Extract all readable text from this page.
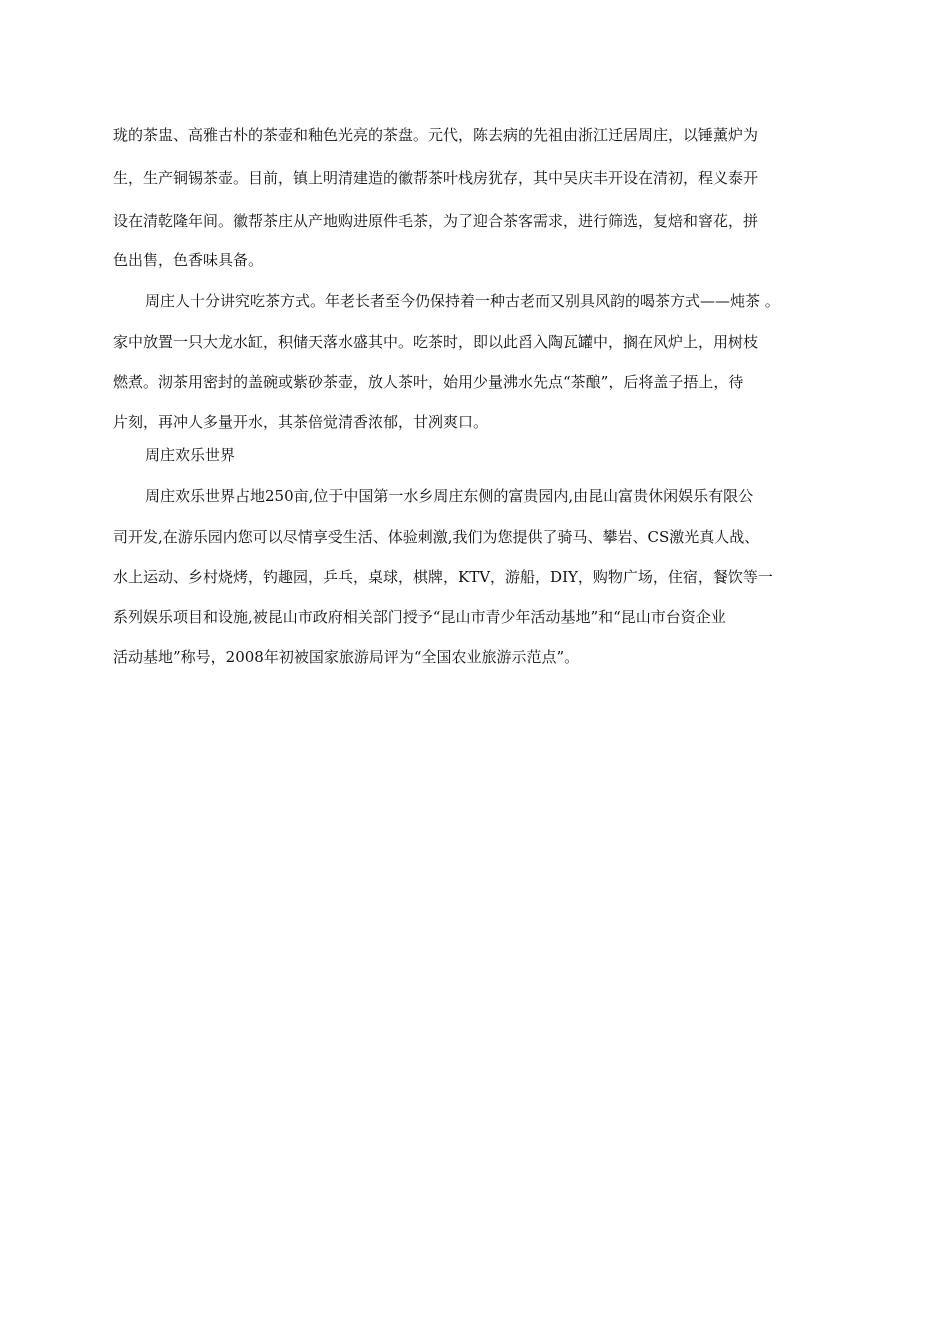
珑的茶盅、高雅古朴的茶壶和釉色光亮的茶盘。元代，陈去病的先祖由浙江迁居周庄，以锤薰炉为
生，生产铜锡茶壶。目前，镇上明清建造的徽帮茶叶栈房犹存，其中吴庆丰开设在清初，程义泰开
设在清乾隆年间。徽帮茶庄从产地购进原件毛茶，为了迎合茶客需求，进行筛选，复焙和窨花，拼
色出售，色香味具备。
周庄人十分讲究吃茶方式。年老长者至今仍保持着一种古老而又别具风韵的喝茶方式——炖茶 。
家中放置一只大龙水缸，积储天落水盛其中。吃茶时，即以此舀入陶瓦罐中，搁在风炉上，用树枝
燃煮。沏茶用密封的盖碗或紫砂茶壶，放人茶叶，始用少量沸水先点“茶酿”，后将盖子捂上，待
片刻，再冲人多量开水，其茶倍觉清香浓郁，甘冽爽口。
周庄欢乐世界
周庄欢乐世界占地250亩,位于中国第一水乡周庄东侧的富贵园内,由昆山富贵休闲娱乐有限公
司开发,在游乐园内您可以尽情享受生活、体验刺激,我们为您提供了骑马、攀岩、CS激光真人战、
水上运动、乡村烧烤，钓趣园，乒乓，桌球，棋牌，KTV，游船，DIY，购物广场，住宿，餐饮等一
系列娱乐项目和设施,被昆山市政府相关部门授予“昆山市青少年活动基地”和“昆山市台资企业
活动基地”称号，2008年初被国家旅游局评为“全国农业旅游示范点”。
